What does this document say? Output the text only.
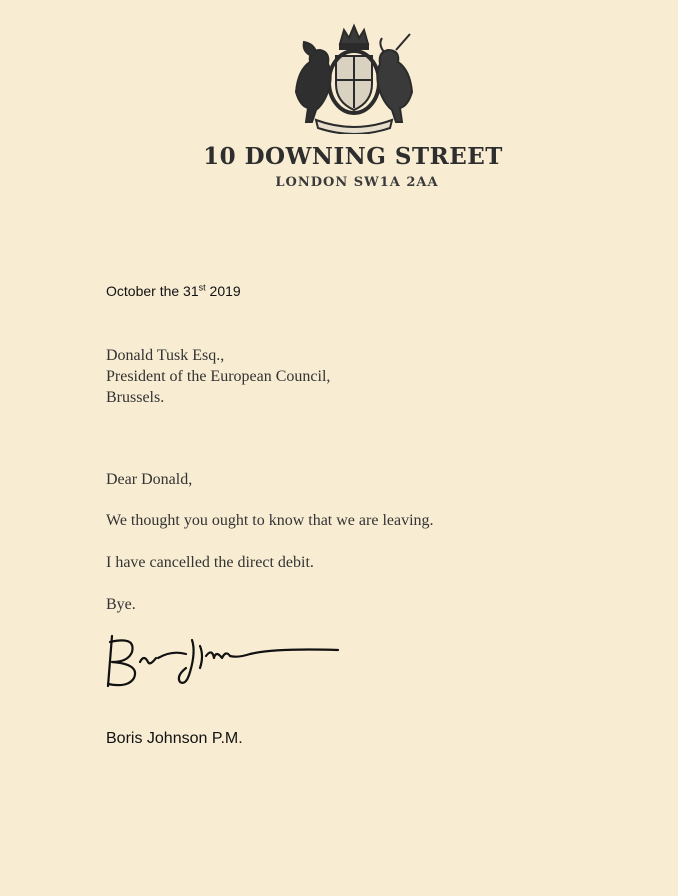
10 DOWNING STREET
LONDON SW1A 2AA
October the 31st 2019
Donald Tusk Esq.,
President of the European Council,
Brussels.
Dear Donald,
We thought you ought to know that we are leaving.
I have cancelled the direct debit.
Bye.
Boris Johnson P.M.
